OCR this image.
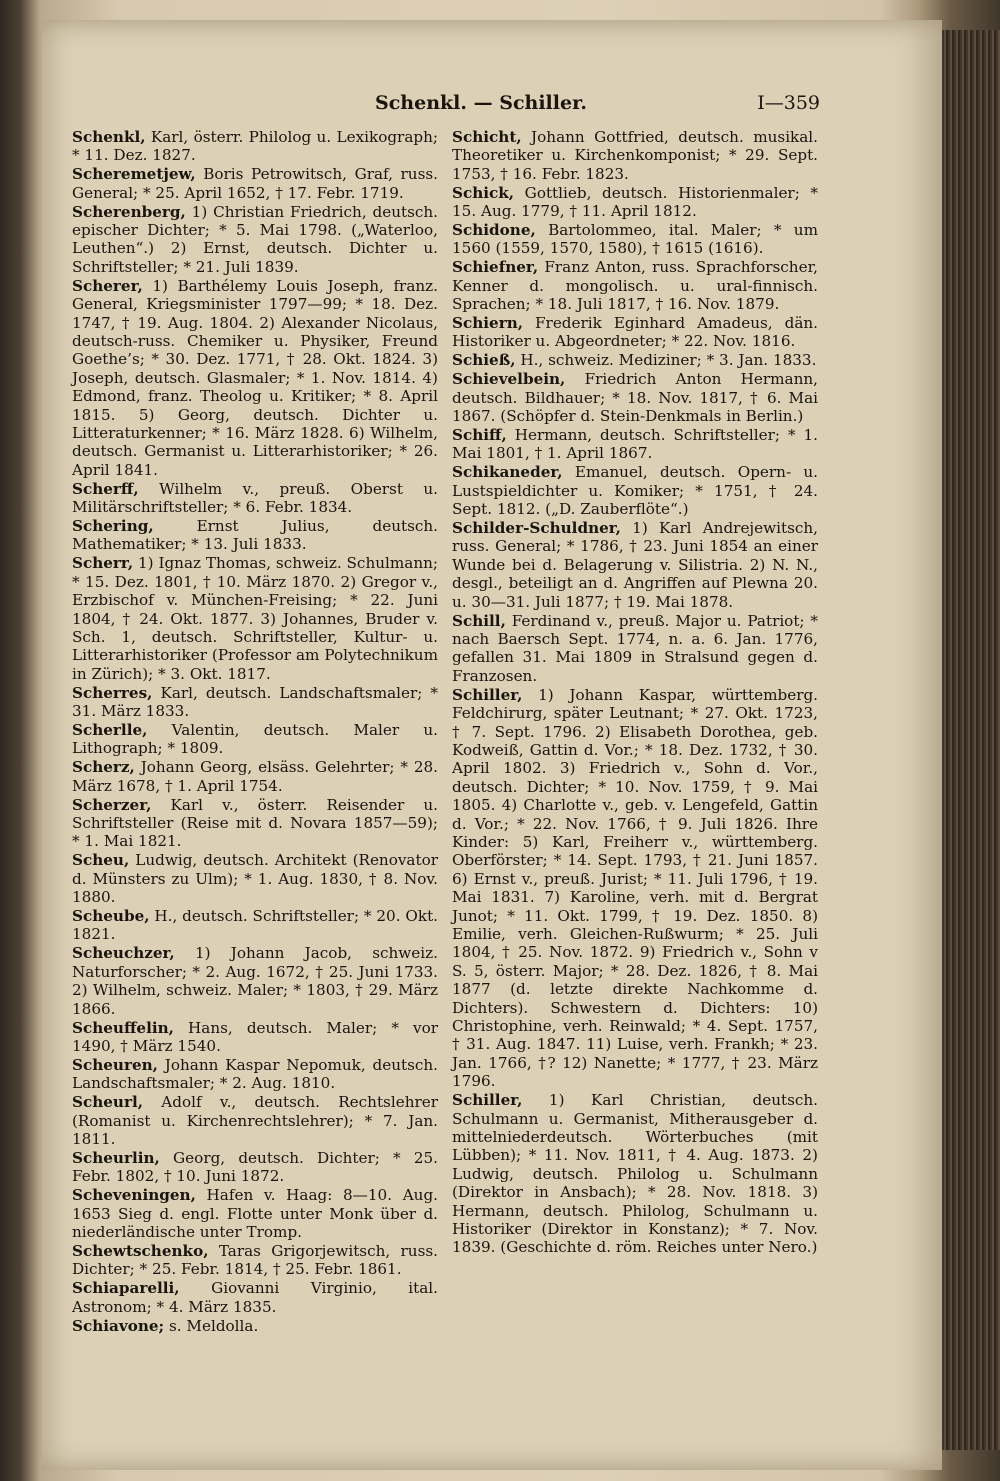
Schenkl. — Schiller.	I—359

Schenkl, Karl, österr. Philolog u. Lexikograph; * 11. Dez. 1827.

Scheremetjew, Boris Petrowitsch, Graf, russ. General; * 25. April 1652, † 17. Febr. 1719.

Scherenberg, 1) Christian Friedrich, deutsch. epischer Dichter; * 5. Mai 1798. („Waterloo, Leuthen“.) 2) Ernst, deutsch. Dichter u. Schriftsteller; * 21. Juli 1839.

Scherer, 1) Barthélemy Louis Joseph, franz. General, Kriegsminister 1797—99; * 18. Dez. 1747, † 19. Aug. 1804. 2) Alexander Nicolaus, deutsch-russ. Chemiker u. Physiker, Freund Goethe’s; * 30. Dez. 1771, † 28. Okt. 1824. 3) Joseph, deutsch. Glasmaler; * 1. Nov. 1814. 4) Edmond, franz. Theolog u. Kritiker; * 8. April 1815. 5) Georg, deutsch. Dichter u. Litteraturkenner; * 16. März 1828. 6) Wilhelm, deutsch. Germanist u. Litterarhistoriker; * 26. April 1841.

Scherff, Wilhelm v., preuß. Oberst u. Militärschriftsteller; * 6. Febr. 1834.

Schering, Ernst Julius, deutsch. Mathematiker; * 13. Juli 1833.

Scherr, 1) Ignaz Thomas, schweiz. Schulmann; * 15. Dez. 1801, † 10. März 1870. 2) Gregor v., Erzbischof v. München-Freising; * 22. Juni 1804, † 24. Okt. 1877. 3) Johannes, Bruder v. Sch. 1, deutsch. Schriftsteller, Kultur- u. Litterarhistoriker (Professor am Polytechnikum in Zürich); * 3. Okt. 1817.

Scherres, Karl, deutsch. Landschaftsmaler; * 31. März 1833.

Scherlle, Valentin, deutsch. Maler u. Lithograph; * 1809.

Scherz, Johann Georg, elsäss. Gelehrter; * 28. März 1678, † 1. April 1754.

Scherzer, Karl v., österr. Reisender u. Schriftsteller (Reise mit d. Novara 1857—59); * 1. Mai 1821.

Scheu, Ludwig, deutsch. Architekt (Renovator d. Münsters zu Ulm); * 1. Aug. 1830, † 8. Nov. 1880.

Scheube, H., deutsch. Schriftsteller; * 20. Okt. 1821.

Scheuchzer, 1) Johann Jacob, schweiz. Naturforscher; * 2. Aug. 1672, † 25. Juni 1733. 2) Wilhelm, schweiz. Maler; * 1803, † 29. März 1866.

Scheuffelin, Hans, deutsch. Maler; * vor 1490, † März 1540.

Scheuren, Johann Kaspar Nepomuk, deutsch. Landschaftsmaler; * 2. Aug. 1810.

Scheurl, Adolf v., deutsch. Rechtslehrer (Romanist u. Kirchenrechtslehrer); * 7. Jan. 1811.

Scheurlin, Georg, deutsch. Dichter; * 25. Febr. 1802, † 10. Juni 1872.

Scheveningen, Hafen v. Haag: 8—10. Aug. 1653 Sieg d. engl. Flotte unter Monk über d. niederländische unter Tromp.

Schewtschenko, Taras Grigorjewitsch, russ. Dichter; * 25. Febr. 1814, † 25. Febr. 1861.

Schiaparelli, Giovanni Virginio, ital. Astronom; * 4. März 1835.

Schiavone; s. Meldolla.

Schicht, Johann Gottfried, deutsch. musikal. Theoretiker u. Kirchenkomponist; * 29. Sept. 1753, † 16. Febr. 1823.

Schick, Gottlieb, deutsch. Historienmaler; * 15. Aug. 1779, † 11. April 1812.

Schidone, Bartolommeo, ital. Maler; * um 1560 (1559, 1570, 1580), † 1615 (1616).

Schiefner, Franz Anton, russ. Sprachforscher, Kenner d. mongolisch. u. ural-finnisch. Sprachen; * 18. Juli 1817, † 16. Nov. 1879.

Schiern, Frederik Eginhard Amadeus, dän. Historiker u. Abgeordneter; * 22. Nov. 1816.

Schieß, H., schweiz. Mediziner; * 3. Jan. 1833.

Schievelbein, Friedrich Anton Hermann, deutsch. Bildhauer; * 18. Nov. 1817, † 6. Mai 1867. (Schöpfer d. Stein-Denkmals in Berlin.)

Schiff, Hermann, deutsch. Schriftsteller; * 1. Mai 1801, † 1. April 1867.

Schikaneder, Emanuel, deutsch. Opern- u. Lustspieldichter u. Komiker; * 1751, † 24. Sept. 1812. („D. Zauberflöte“.)

Schilder-Schuldner, 1) Karl Andrejewitsch, russ. General; * 1786, † 23. Juni 1854 an einer Wunde bei d. Belagerung v. Silistria. 2) N. N., desgl., beteiligt an d. Angriffen auf Plewna 20. u. 30—31. Juli 1877; † 19. Mai 1878.

Schill, Ferdinand v., preuß. Major u. Patriot; * nach Baersch Sept. 1774, n. a. 6. Jan. 1776, gefallen 31. Mai 1809 in Stralsund gegen d. Franzosen.

Schiller, 1) Johann Kaspar, württemberg. Feldchirurg, später Leutnant; * 27. Okt. 1723, † 7. Sept. 1796. 2) Elisabeth Dorothea, geb. Kodweiß, Gattin d. Vor.; * 18. Dez. 1732, † 30. April 1802. 3) Friedrich v., Sohn d. Vor., deutsch. Dichter; * 10. Nov. 1759, † 9. Mai 1805. 4) Charlotte v., geb. v. Lengefeld, Gattin d. Vor.; * 22. Nov. 1766, † 9. Juli 1826. Ihre Kinder: 5) Karl, Freiherr v., württemberg. Oberförster; * 14. Sept. 1793, † 21. Juni 1857. 6) Ernst v., preuß. Jurist; * 11. Juli 1796, † 19. Mai 1831. 7) Karoline, verh. mit d. Bergrat Junot; * 11. Okt. 1799, † 19. Dez. 1850. 8) Emilie, verh. Gleichen-Rußwurm; * 25. Juli 1804, † 25. Nov. 1872. 9) Friedrich v., Sohn v S. 5, österr. Major; * 28. Dez. 1826, † 8. Mai 1877 (d. letzte direkte Nachkomme d. Dichters). Schwestern d. Dichters: 10) Christophine, verh. Reinwald; * 4. Sept. 1757, † 31. Aug. 1847. 11) Luise, verh. Frankh; * 23. Jan. 1766, †? 12) Nanette; * 1777, † 23. März 1796.

Schiller, 1) Karl Christian, deutsch. Schulmann u. Germanist, Mitherausgeber d. mittelniederdeutsch. Wörterbuches (mit Lübben); * 11. Nov. 1811, † 4. Aug. 1873. 2) Ludwig, deutsch. Philolog u. Schulmann (Direktor in Ansbach); * 28. Nov. 1818. 3) Hermann, deutsch. Philolog, Schulmann u. Historiker (Direktor in Konstanz); * 7. Nov. 1839. (Geschichte d. röm. Reiches unter Nero.)
